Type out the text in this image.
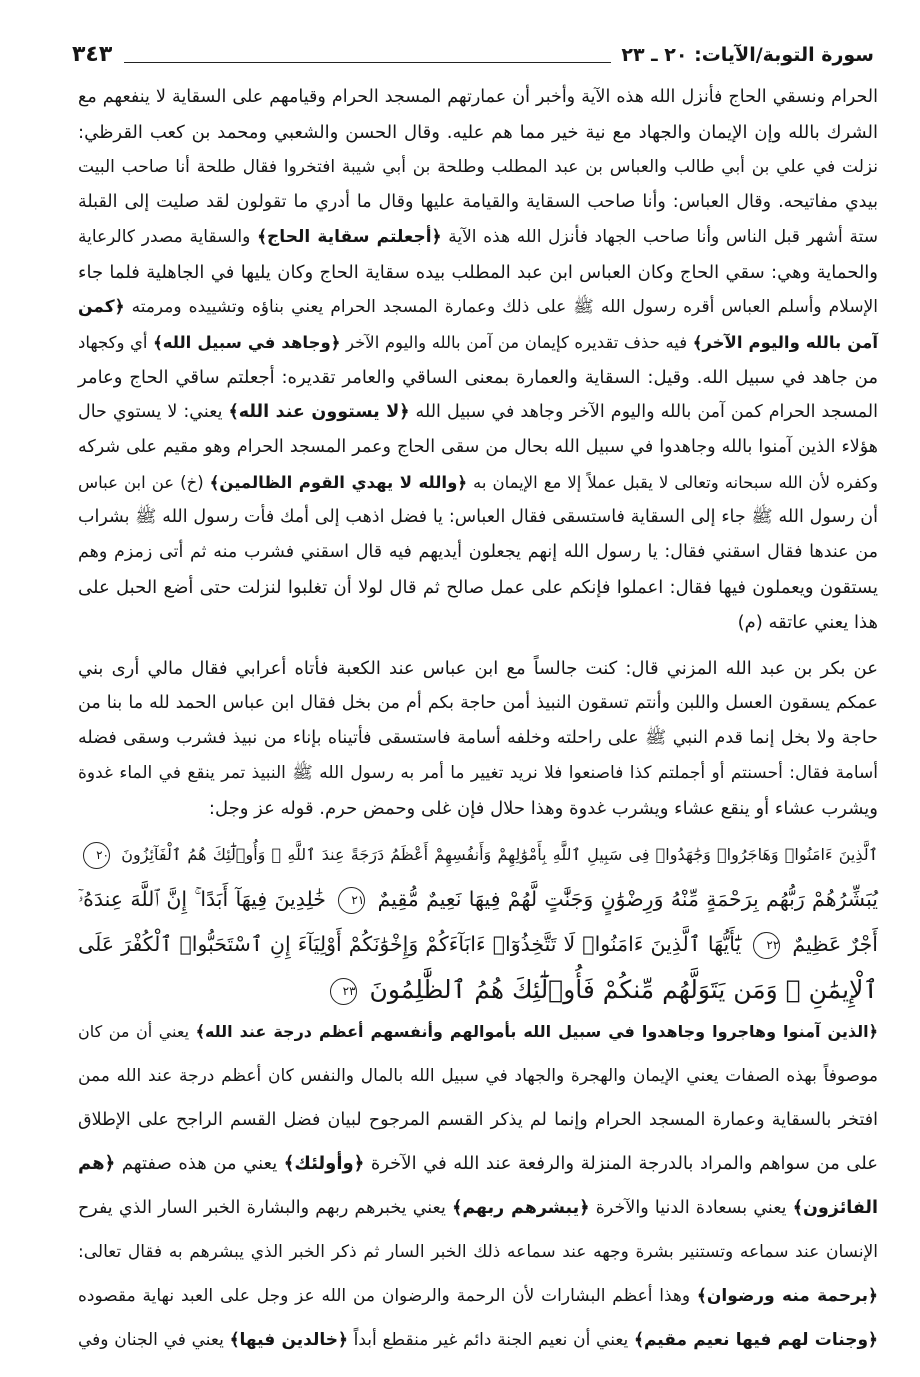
سورة التوبة/الآيات: ٢٠ ـ ٢٣
٣٤٣
الحرام ونسقي الحاج فأنزل الله هذه الآية وأخبر أن عمارتهم المسجد الحرام وقيامهم على السقاية لا ينفعهم مع
الشرك بالله وإن الإيمان والجهاد مع نية خير مما هم عليه. وقال الحسن والشعبي ومحمد بن كعب القرظي:
نزلت في علي بن أبي طالب والعباس بن عبد المطلب وطلحة بن أبي شيبة افتخروا فقال طلحة أنا صاحب البيت
بيدي مفاتيحه. وقال العباس: وأنا صاحب السقاية والقيامة عليها وقال ما أدري ما تقولون لقد صليت إلى القبلة
ستة أشهر قبل الناس وأنا صاحب الجهاد فأنزل الله هذه الآية ﴿أجعلتم سقاية الحاج﴾ والسقاية مصدر كالرعاية
والحماية وهي: سقي الحاج وكان العباس ابن عبد المطلب بيده سقاية الحاج وكان يليها في الجاهلية فلما جاء
الإسلام وأسلم العباس أقره رسول الله ﷺ على ذلك وعمارة المسجد الحرام يعني بناؤه وتشييده ومرمته ﴿كمن
آمن بالله واليوم الآخر﴾ فيه حذف تقديره كإيمان من آمن بالله واليوم الآخر ﴿وجاهد في سبيل الله﴾ أي وكجهاد
من جاهد في سبيل الله. وقيل: السقاية والعمارة بمعنى الساقي والعامر تقديره: أجعلتم ساقي الحاج وعامر
المسجد الحرام كمن آمن بالله واليوم الآخر وجاهد في سبيل الله ﴿لا يستوون عند الله﴾ يعني: لا يستوي حال
هؤلاء الذين آمنوا بالله وجاهدوا في سبيل الله بحال من سقى الحاج وعمر المسجد الحرام وهو مقيم على شركه
وكفره لأن الله سبحانه وتعالى لا يقبل عملاً إلا مع الإيمان به ﴿والله لا يهدي القوم الظالمين﴾ (خ) عن ابن عباس
أن رسول الله ﷺ جاء إلى السقاية فاستسقى فقال العباس: يا فضل اذهب إلى أمك فأت رسول الله ﷺ بشراب
من عندها فقال اسقني فقال: يا رسول الله إنهم يجعلون أيديهم فيه قال اسقني فشرب منه ثم أتى زمزم وهم
يستقون ويعملون فيها فقال: اعملوا فإنكم على عمل صالح ثم قال لولا أن تغلبوا لنزلت حتى أضع الحبل على
هذا يعني عاتقه (م)
عن بكر بن عبد الله المزني قال: كنت جالساً مع ابن عباس عند الكعبة فأتاه أعرابي فقال مالي أرى بني
عمكم يسقون العسل واللبن وأنتم تسقون النبيذ أمن حاجة بكم أم من بخل فقال ابن عباس الحمد لله ما بنا من
حاجة ولا بخل إنما قدم النبي ﷺ على راحلته وخلفه أسامة فاستسقى فأتيناه بإناء من نبيذ فشرب وسقى فضله
أسامة فقال: أحسنتم أو أجملتم كذا فاصنعوا فلا نريد تغيير ما أمر به رسول الله ﷺ النبيذ تمر ينقع في الماء غدوة
ويشرب عشاء أو ينقع عشاء ويشرب غدوة وهذا حلال فإن غلى وحمض حرم. قوله عز وجل:
ٱلَّذِينَ ءَامَنُوا۟ وَهَاجَرُوا۟ وَجَٰهَدُوا۟ فِى سَبِيلِ ٱللَّهِ بِأَمْوَٰلِهِمْ وَأَنفُسِهِمْ أَعْظَمُ دَرَجَةً عِندَ ٱللَّهِ ۚ وَأُو۟لَٰٓئِكَ هُمُ ٱلْفَآئِزُونَ ٢٠
يُبَشِّرُهُمْ رَبُّهُم بِرَحْمَةٍ مِّنْهُ وَرِضْوَٰنٍ وَجَنَّٰتٍ لَّهُمْ فِيهَا نَعِيمٌ مُّقِيمٌ ٢١ خَٰلِدِينَ فِيهَآ أَبَدًا ۚ إِنَّ ٱللَّهَ عِندَهُۥٓ
أَجْرٌ عَظِيمٌ ٢٢ يَٰٓأَيُّهَا ٱلَّذِينَ ءَامَنُوا۟ لَا تَتَّخِذُوٓا۟ ءَابَآءَكُمْ وَإِخْوَٰنَكُمْ أَوْلِيَآءَ إِنِ ٱسْتَحَبُّوا۟ ٱلْكُفْرَ عَلَى
ٱلْإِيمَٰنِ ۚ وَمَن يَتَوَلَّهُم مِّنكُمْ فَأُو۟لَٰٓئِكَ هُمُ ٱلظَّٰلِمُونَ ٢٣
﴿الذين آمنوا وهاجروا وجاهدوا في سبيل الله بأموالهم وأنفسهم أعظم درجة عند الله﴾ يعني أن من كان
موصوفاً بهذه الصفات يعني الإيمان والهجرة والجهاد في سبيل الله بالمال والنفس كان أعظم درجة عند الله ممن
افتخر بالسقاية وعمارة المسجد الحرام وإنما لم يذكر القسم المرجوح لبيان فضل القسم الراجح على الإطلاق
على من سواهم والمراد بالدرجة المنزلة والرفعة عند الله في الآخرة ﴿وأولئك﴾ يعني من هذه صفتهم ﴿هم
الفائزون﴾ يعني بسعادة الدنيا والآخرة ﴿يبشرهم ربهم﴾ يعني يخبرهم ربهم والبشارة الخبر السار الذي يفرح
الإنسان عند سماعه وتستنير بشرة وجهه عند سماعه ذلك الخبر السار ثم ذكر الخبر الذي يبشرهم به فقال تعالى:
﴿برحمة منه ورضوان﴾ وهذا أعظم البشارات لأن الرحمة والرضوان من الله عز وجل على العبد نهاية مقصوده
﴿وجنات لهم فيها نعيم مقيم﴾ يعني أن نعيم الجنة دائم غير منقطع أبداً ﴿خالدين فيها﴾ يعني في الجنان وفي
